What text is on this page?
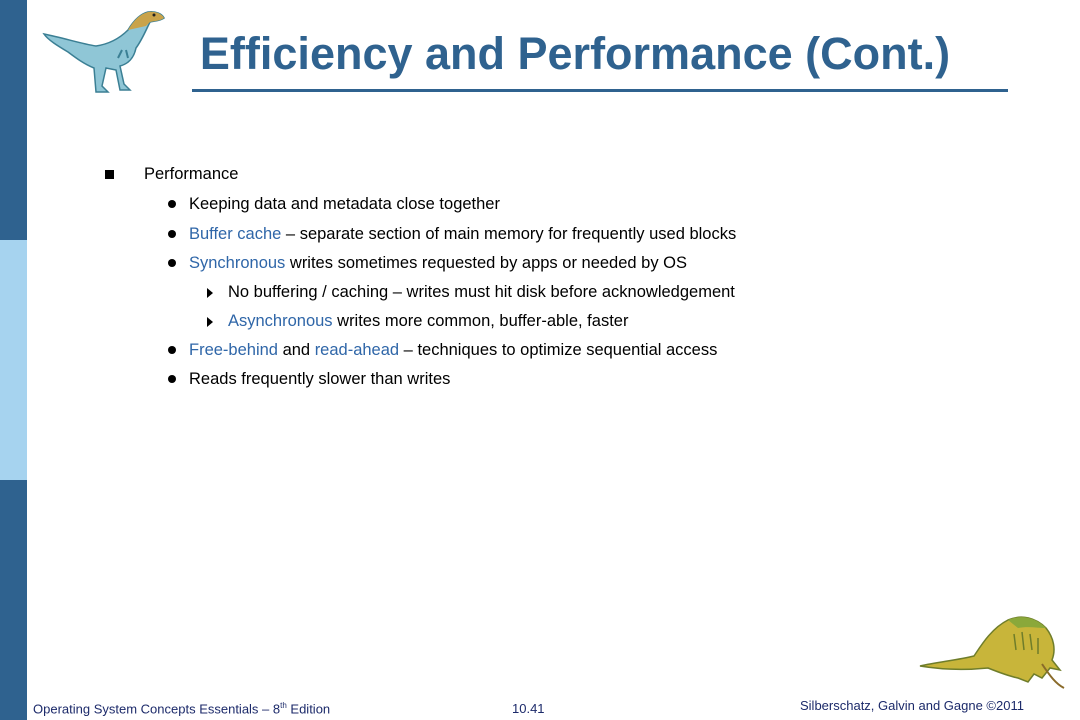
Efficiency and Performance (Cont.)
Performance
Keeping data and metadata close together
Buffer cache – separate section of main memory for frequently used blocks
Synchronous writes sometimes requested by apps or needed by OS
No buffering / caching – writes must hit disk before acknowledgement
Asynchronous writes more common, buffer-able, faster
Free-behind and read-ahead – techniques to optimize sequential access
Reads frequently slower than writes
Operating System Concepts Essentials – 8th Edition	10.41	Silberschatz, Galvin and Gagne ©2011
